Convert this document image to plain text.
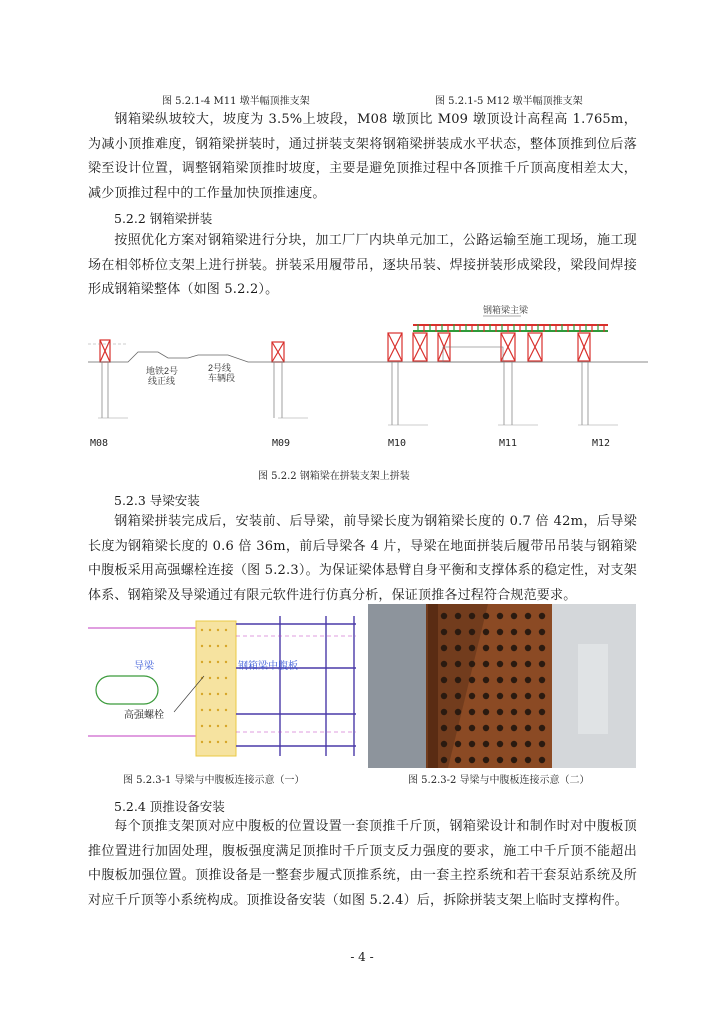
图 5.2.1-4 M11 墩半幅顶推支架	图 5.2.1-5 M12 墩半幅顶推支架

钢箱梁纵坡较大，坡度为 3.5%上坡段，M08 墩顶比 M09 墩顶设计高程高 1.765m，为减小顶推难度，钢箱梁拼装时，通过拼装支架将钢箱梁拼装成水平状态，整体顶推到位后落梁至设计位置，调整钢箱梁顶推时坡度，主要是避免顶推过程中各顶推千斤顶高度相差太大，减少顶推过程中的工作量加快顶推速度。

5.2.2 钢箱梁拼装

按照优化方案对钢箱梁进行分块，加工厂厂内块单元加工，公路运输至施工现场，施工现场在相邻桥位支架上进行拼装。拼装采用履带吊，逐块吊装、焊接拼装形成梁段，梁段间焊接形成钢箱梁整体（如图 5.2.2）。

钢箱梁主梁
地铁2号
线正线
2号线
车辆段
M08	M09	M10	M11	M12
图 5.2.2 钢箱梁在拼装支架上拼装
5.2.3 导梁安装

钢箱梁拼装完成后，安装前、后导梁，前导梁长度为钢箱梁长度的 0.7 倍 42m，后导梁长度为钢箱梁长度的 0.6 倍 36m，前后导梁各 4 片，导梁在地面拼装后履带吊吊装与钢箱梁中腹板采用高强螺栓连接（图 5.2.3）。为保证梁体悬臂自身平衡和支撑体系的稳定性，对支架体系、钢箱梁及导梁通过有限元软件进行仿真分析，保证顶推各过程符合规范要求。

导梁	钢箱梁中腹板
高强螺栓
图 5.2.3-1 导梁与中腹板连接示意（一）	图 5.2.3-2 导梁与中腹板连接示意（二）
5.2.4 顶推设备安装

每个顶推支架顶对应中腹板的位置设置一套顶推千斤顶，钢箱梁设计和制作时对中腹板顶推位置进行加固处理，腹板强度满足顶推时千斤顶支反力强度的要求，施工中千斤顶不能超出中腹板加强位置。顶推设备是一整套步履式顶推系统，由一套主控系统和若干套泵站系统及所对应千斤顶等小系统构成。顶推设备安装（如图 5.2.4）后，拆除拼装支架上临时支撑构件。

- 4 -
